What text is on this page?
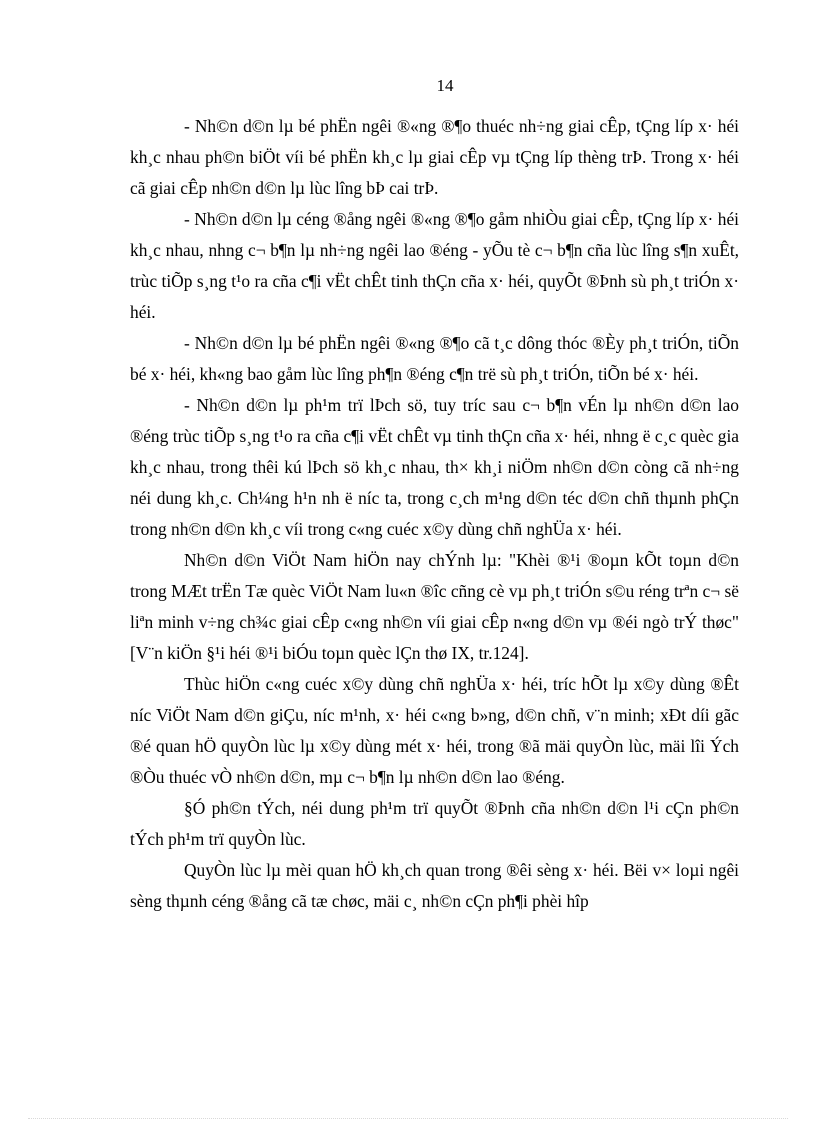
14

- Nh©n d©n lµ bé phËn ngêi ®«ng ®¶o thuéc nh÷ng giai cÊp, tÇng líp x· héi kh¸c nhau ph©n biÖt víi bé phËn kh¸c lµ giai cÊp vµ tÇng líp thèng trÞ. Trong x· héi cã giai cÊp nh©n d©n lµ lùc lîng bÞ cai trÞ.

- Nh©n d©n lµ céng ®ång ngêi ®«ng ®¶o gåm nhiÒu giai cÊp, tÇng líp x· héi kh¸c nhau, nhng c¬ b¶n lµ nh÷ng ngêi lao ®éng - yÕu tè c¬ b¶n cña lùc lîng s¶n xuÊt, trùc tiÕp s¸ng t¹o ra cña c¶i vËt chÊt tinh thÇn cña x· héi, quyÕt ®Þnh sù ph¸t triÓn x· héi.

- Nh©n d©n lµ bé phËn ngêi ®«ng ®¶o cã t¸c dông thóc ®Èy ph¸t triÓn, tiÕn bé x· héi, kh«ng bao gåm lùc lîng ph¶n ®éng c¶n trë sù ph¸t triÓn, tiÕn bé x· héi.

- Nh©n d©n lµ ph¹m trï lÞch sö, tuy tríc sau c¬ b¶n vÉn lµ nh©n d©n lao ®éng trùc tiÕp s¸ng t¹o ra cña c¶i vËt chÊt vµ tinh thÇn cña x· héi, nhng ë c¸c quèc gia kh¸c nhau, trong thêi kú lÞch sö kh¸c nhau, th× kh¸i niÖm nh©n d©n còng cã nh÷ng néi dung kh¸c. Ch¼ng h¹n nh ë níc ta, trong c¸ch m¹ng d©n téc d©n chñ thµnh phÇn trong nh©n d©n kh¸c víi trong c«ng cuéc x©y dùng chñ nghÜa x· héi.

Nh©n d©n ViÖt Nam hiÖn nay chÝnh lµ: "Khèi ®¹i ®oµn kÕt toµn d©n trong MÆt trËn Tæ quèc ViÖt Nam lu«n ®îc cñng cè vµ ph¸t triÓn s©u réng trªn c¬ së liªn minh v÷ng ch¾c giai cÊp c«ng nh©n víi giai cÊp n«ng d©n vµ ®éi ngò trÝ thøc" [V¨n kiÖn §¹i héi ®¹i biÓu toµn quèc lÇn thø IX, tr.124].

Thùc hiÖn c«ng cuéc x©y dùng chñ nghÜa x· héi, tríc hÕt lµ x©y dùng ®Êt níc ViÖt Nam d©n giÇu, níc m¹nh, x· héi c«ng b»ng, d©n chñ, v¨n minh; xÐt díi gãc ®é quan hÖ quyÒn lùc lµ x©y dùng mét x· héi, trong ®ã mäi quyÒn lùc, mäi lîi Ých ®Òu thuéc vÒ nh©n d©n, mµ c¬ b¶n lµ nh©n d©n lao ®éng.

§Ó ph©n tÝch, néi dung ph¹m trï quyÕt ®Þnh cña nh©n d©n l¹i cÇn ph©n tÝch ph¹m trï quyÒn lùc.

QuyÒn lùc lµ mèi quan hÖ kh¸ch quan trong ®êi sèng x· héi. Bëi v× loµi ngêi sèng thµnh céng ®ång cã tæ chøc, mäi c¸ nh©n cÇn ph¶i phèi hîp
